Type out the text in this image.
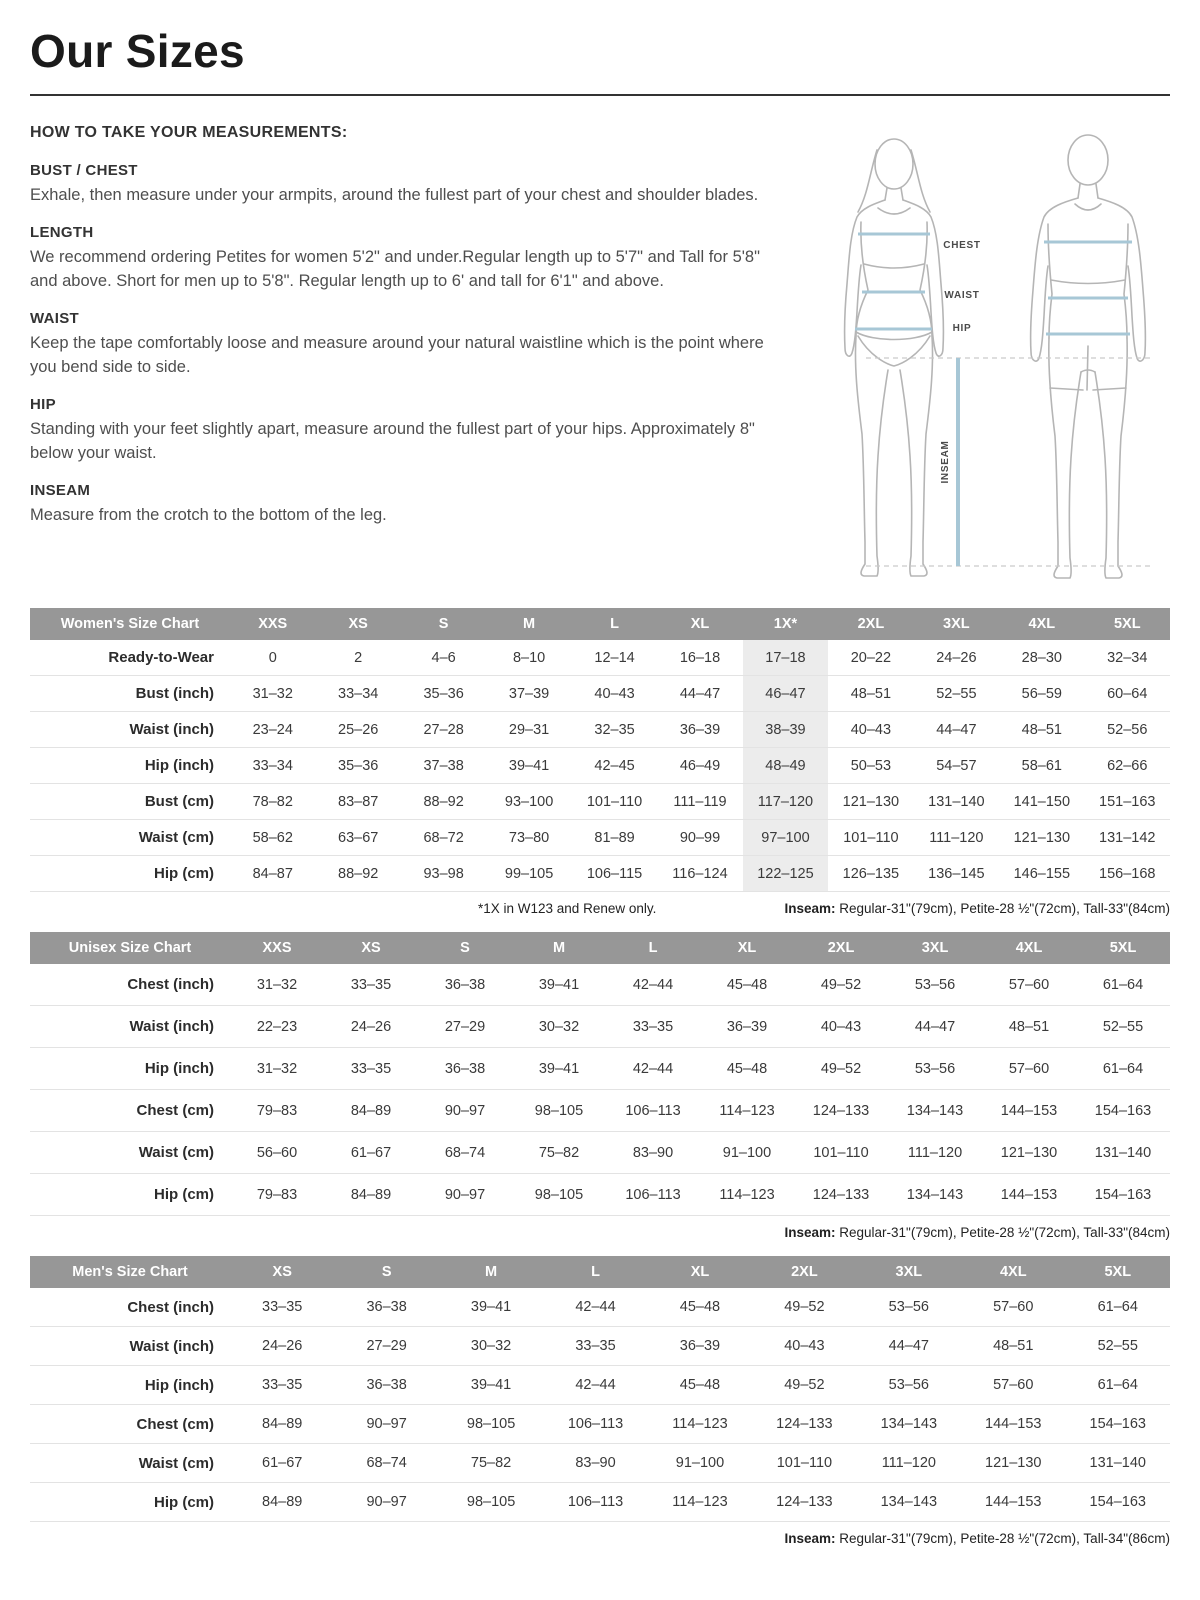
Our Sizes
HOW TO TAKE YOUR MEASUREMENTS:
BUST / CHEST

Exhale, then measure under your armpits, around the fullest part of your chest and shoulder blades.

LENGTH

We recommend ordering Petites for women 5'2" and under.Regular length up to 5'7" and Tall for 5'8" and above. Short for men up to 5'8". Regular length up to 6' and tall for 6'1" and above.

WAIST

Keep the tape comfortably loose and measure around your natural waistline which is the point where you bend side to side.

HIP

Standing with your feet slightly apart, measure around the fullest part of your hips. Approximately 8" below your waist.

INSEAM

Measure from the crotch to the bottom of the leg.

CHEST
WAIST
HIP
INSEAM
Women's Size Chart	XXS	XS	S	M	L	XL	1X*	2XL	3XL	4XL	5XL
Ready-to-Wear	0	2	4–6	8–10	12–14	16–18	17–18	20–22	24–26	28–30	32–34
Bust (inch)	31–32	33–34	35–36	37–39	40–43	44–47	46–47	48–51	52–55	56–59	60–64
Waist (inch)	23–24	25–26	27–28	29–31	32–35	36–39	38–39	40–43	44–47	48–51	52–56
Hip (inch)	33–34	35–36	37–38	39–41	42–45	46–49	48–49	50–53	54–57	58–61	62–66
Bust (cm)	78–82	83–87	88–92	93–100	101–110	111–119	117–120	121–130	131–140	141–150	151–163
Waist (cm)	58–62	63–67	68–72	73–80	81–89	90–99	97–100	101–110	111–120	121–130	131–142
Hip (cm)	84–87	88–92	93–98	99–105	106–115	116–124	122–125	126–135	136–145	146–155	156–168
*1X in W123 and Renew only.	Inseam: Regular-31"(79cm), Petite-28 ½"(72cm), Tall-33"(84cm)
Unisex Size Chart	XXS	XS	S	M	L	XL	2XL	3XL	4XL	5XL
Chest (inch)	31–32	33–35	36–38	39–41	42–44	45–48	49–52	53–56	57–60	61–64
Waist (inch)	22–23	24–26	27–29	30–32	33–35	36–39	40–43	44–47	48–51	52–55
Hip (inch)	31–32	33–35	36–38	39–41	42–44	45–48	49–52	53–56	57–60	61–64
Chest (cm)	79–83	84–89	90–97	98–105	106–113	114–123	124–133	134–143	144–153	154–163
Waist (cm)	56–60	61–67	68–74	75–82	83–90	91–100	101–110	111–120	121–130	131–140
Hip (cm)	79–83	84–89	90–97	98–105	106–113	114–123	124–133	134–143	144–153	154–163
Inseam: Regular-31"(79cm), Petite-28 ½"(72cm), Tall-33"(84cm)
Men's Size Chart	XS	S	M	L	XL	2XL	3XL	4XL	5XL
Chest (inch)	33–35	36–38	39–41	42–44	45–48	49–52	53–56	57–60	61–64
Waist (inch)	24–26	27–29	30–32	33–35	36–39	40–43	44–47	48–51	52–55
Hip (inch)	33–35	36–38	39–41	42–44	45–48	49–52	53–56	57–60	61–64
Chest (cm)	84–89	90–97	98–105	106–113	114–123	124–133	134–143	144–153	154–163
Waist (cm)	61–67	68–74	75–82	83–90	91–100	101–110	111–120	121–130	131–140
Hip (cm)	84–89	90–97	98–105	106–113	114–123	124–133	134–143	144–153	154–163
Inseam: Regular-31"(79cm), Petite-28 ½"(72cm), Tall-34"(86cm)
